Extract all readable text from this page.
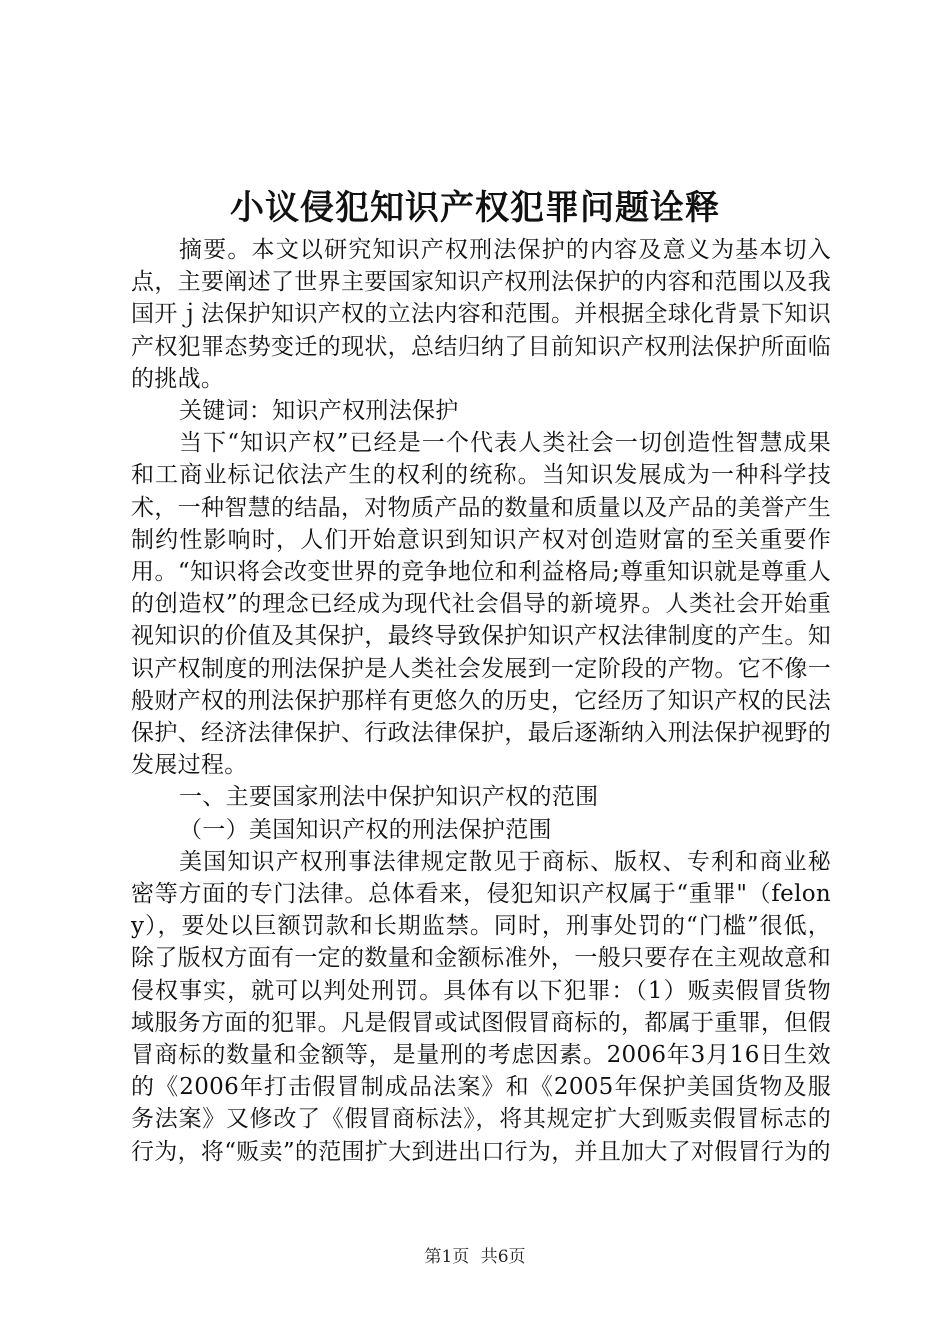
小议侵犯知识产权犯罪问题诠释

摘要。本文以研究知识产权刑法保护的内容及意义为基本切入点，主要阐述了世界主要国家知识产权刑法保护的内容和范围以及我国开ｊ法保护知识产权的立法内容和范围。并根据全球化背景下知识产权犯罪态势变迁的现状，总结归纳了目前知识产权刑法保护所面临的挑战。

关键词：知识产权刑法保护

当下“知识产权”已经是一个代表人类社会一切创造性智慧成果和工商业标记依法产生的权利的统称。当知识发展成为一种科学技术，一种智慧的结晶，对物质产品的数量和质量以及产品的美誉产生制约性影响时，人们开始意识到知识产权对创造财富的至关重要作用。“知识将会改变世界的竞争地位和利益格局;尊重知识就是尊重人的创造权”的理念已经成为现代社会倡导的新境界。人类社会开始重视知识的价值及其保护，最终导致保护知识产权法律制度的产生。知识产权制度的刑法保护是人类社会发展到一定阶段的产物。它不像一般财产权的刑法保护那样有更悠久的历史，它经历了知识产权的民法保护、经济法律保护、行政法律保护，最后逐渐纳入刑法保护视野的发展过程。

一、主要国家刑法中保护知识产权的范围

（一）美国知识产权的刑法保护范围

美国知识产权刑事法律规定散见于商标、版权、专利和商业秘密等方面的专门法律。总体看来，侵犯知识产权属于“重罪"（felony），要处以巨额罚款和长期监禁。同时，刑事处罚的“门槛”很低，除了版权方面有一定的数量和金额标准外，一般只要存在主观故意和侵权事实，就可以判处刑罚。具体有以下犯罪：（1）贩卖假冒货物域服务方面的犯罪。凡是假冒或试图假冒商标的，都属于重罪，但假冒商标的数量和金额等，是量刑的考虑因素。2006年3月16日生效的《2006年打击假冒制成品法案》和《2005年保护美国货物及服务法案》又修改了《假冒商标法》，将其规定扩大到贩卖假冒标志的行为，将“贩卖”的范围扩大到进出口行为，并且加大了对假冒行为的

第1页 共6页
